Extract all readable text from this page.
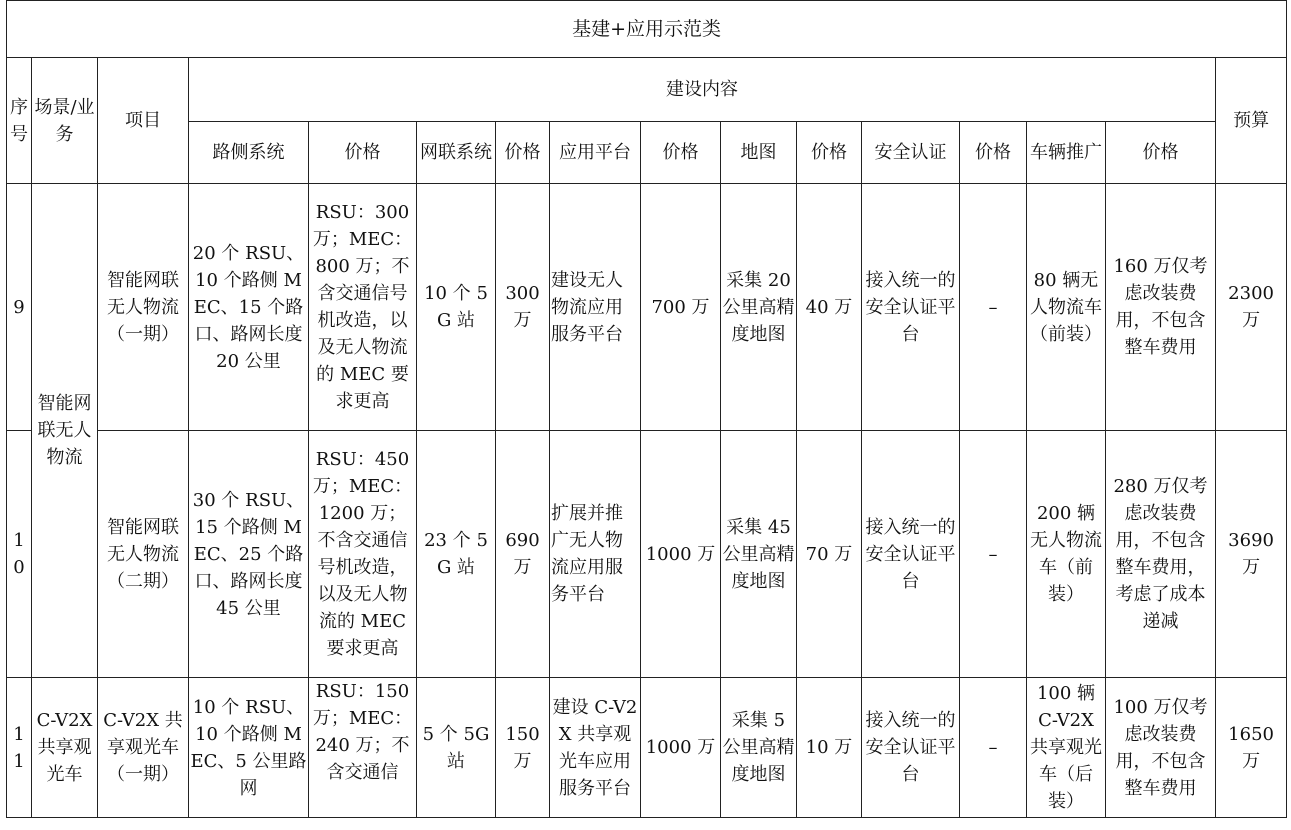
基建+应用示范类															
序号	场景/业务	项目	建设内容												预算
			路侧系统	价格	网联系统	价格	应用平台	价格	地图	价格	安全认证	价格	车辆推广	价格	
9	智能网联无人物流	智能网联无人物流（一期）	20 个 RSU、10 个路侧 MEC、15 个路口、路网长度 20 公里	RSU：300 万；MEC：800 万；不含交通信号机改造，以及无人物流的 MEC 要求更高	10 个 5G 站	300 万	建设无人物流应用服务平台	700 万	采集 20 公里高精度地图	40 万	接入统一的安全认证平台	–	80 辆无人物流车（前装）	160 万仅考虑改装费用，不包含整车费用	2300 万
10		智能网联无人物流（二期）	30 个 RSU、15 个路侧 MEC、25 个路口、路网长度 45 公里	RSU：450 万；MEC：1200 万；不含交通信号机改造，以及无人物流的 MEC 要求更高	23 个 5G 站	690 万	扩展并推广无人物流应用服务平台	1000 万	采集 45 公里高精度地图	70 万	接入统一的安全认证平台	–	200 辆无人物流车（前装）	280 万仅考虑改装费用，不包含整车费用，考虑了成本递减	3690 万
11	C-V2X 共享观光车	C-V2X 共享观光车（一期）	10 个 RSU、10 个路侧 MEC、5 公里路网	RSU：150 万；MEC：240 万；不含交通信	5 个 5G 站	150 万	建设 C-V2X 共享观光车应用服务平台	1000 万	采集 5 公里高精度地图	10 万	接入统一的安全认证平台	–	100 辆 C-V2X 共享观光车（后装）	100 万仅考虑改装费用，不包含整车费用	1650 万
